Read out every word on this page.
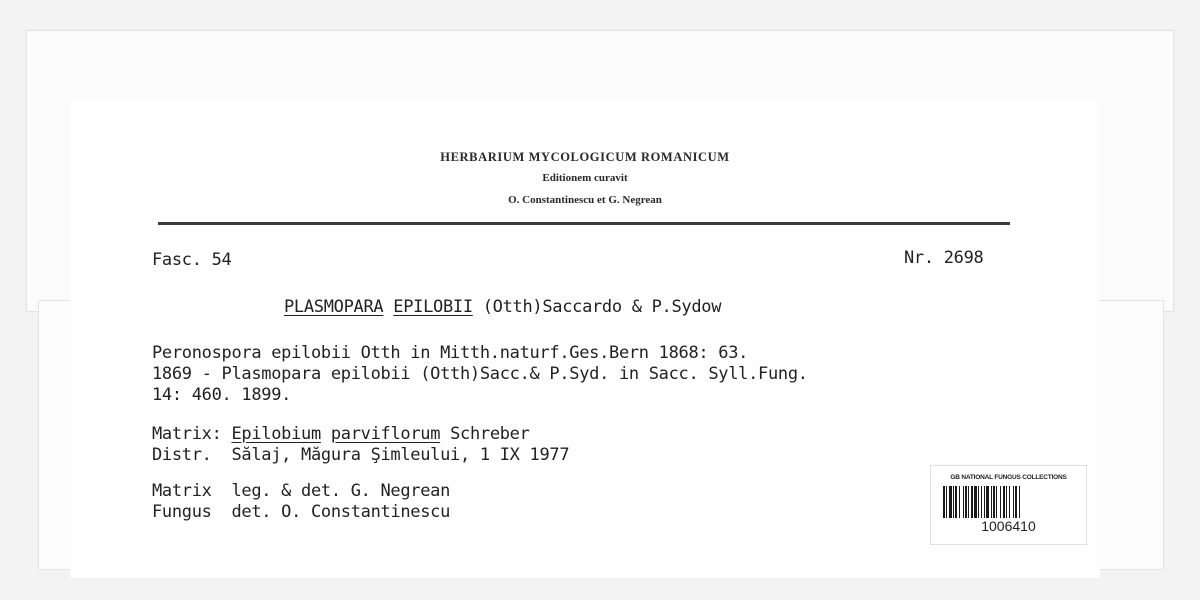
HERBARIUM MYCOLOGICUM ROMANICUM
Editionem curavit
O. Constantinescu et G. Negrean
Fasc. 54	Nr. 2698
PLASMOPARA EPILOBII (Otth)Saccardo & P.Sydow
Peronospora epilobii Otth in Mitth.naturf.Ges.Bern 1868: 63.
1869 - Plasmopara epilobii (Otth)Sacc.& P.Syd. in Sacc. Syll.Fung.
14: 460. 1899.
Matrix: Epilobium parviflorum Schreber
Distr.  Sălaj, Măgura Şimleului, 1 IX 1977
Matrix  leg. & det. G. Negrean
Fungus  det. O. Constantinescu
GB NATIONAL FUNGUS COLLECTIONS
1006410
